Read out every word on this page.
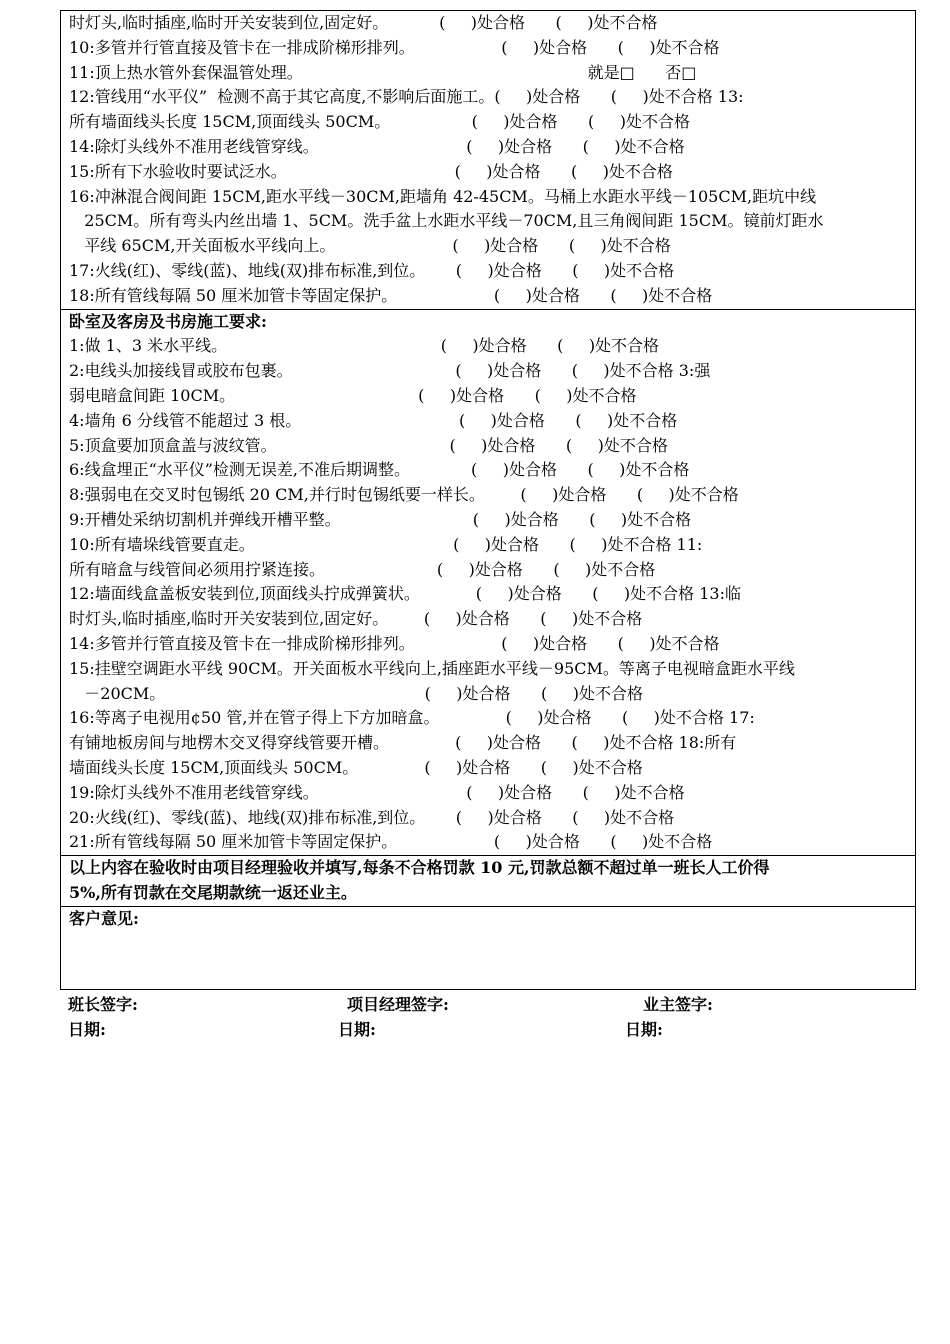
时灯头,临时插座,临时开关安装到位,固定好。          (     )处合格      (     )处不合格
10:多管并行管直接及管卡在一排成阶梯形排列。                 (     )处合格      (     )处不合格
11:顶上热水管外套保温管处理。                                                        就是□      否□
12:管线用“水平仪”  检测不高于其它高度,不影响后面施工。(     )处合格      (     )处不合格 13:
所有墙面线头长度 15CM,顶面线头 50CM。                (     )处合格      (     )处不合格
14:除灯头线外不准用老线管穿线。                             (     )处合格      (     )处不合格
15:所有下水验收时要试泛水。                                 (     )处合格      (     )处不合格
16:冲淋混合阀间距 15CM,距水平线－30CM,距墙角 42-45CM。马桶上水距水平线－105CM,距坑中线
25CM。所有弯头内丝出墙 1、5CM。洗手盆上水距水平线－70CM,且三角阀间距 15CM。镜前灯距水
平线 65CM,开关面板水平线向上。                       (     )处合格      (     )处不合格
17:火线(红)、零线(蓝)、地线(双)排布标准,到位。      (     )处合格      (     )处不合格
18:所有管线每隔 50 厘米加管卡等固定保护。                   (     )处合格      (     )处不合格
卧室及客房及书房施工要求:
1:做 1、3 米水平线。                                          (     )处合格      (     )处不合格
2:电线头加接线冒或胶布包裹。                                (     )处合格      (     )处不合格 3:强
弱电暗盒间距 10CM。                                    (     )处合格      (     )处不合格
4:墙角 6 分线管不能超过 3 根。                               (     )处合格      (     )处不合格
5:顶盒要加顶盒盖与波纹管。                                  (     )处合格      (     )处不合格
6:线盒埋正“水平仪”检测无误差,不准后期调整。            (     )处合格      (     )处不合格
8:强弱电在交叉时包锡纸 20 CM,并行时包锡纸要一样长。       (     )处合格      (     )处不合格
9:开槽处采纳切割机并弹线开槽平整。                          (     )处合格      (     )处不合格
10:所有墙垛线管要直走。                                       (     )处合格      (     )处不合格 11:
所有暗盒与线管间必须用拧紧连接。                      (     )处合格      (     )处不合格
12:墙面线盒盖板安装到位,顶面线头拧成弹簧状。           (     )处合格      (     )处不合格 13:临
时灯头,临时插座,临时开关安装到位,固定好。       (     )处合格      (     )处不合格
14:多管并行管直接及管卡在一排成阶梯形排列。                 (     )处合格      (     )处不合格
15:挂壁空调距水平线 90CM。开关面板水平线向上,插座距水平线－95CM。等离子电视暗盒距水平线
－20CM。                                                   (     )处合格      (     )处不合格
16:等离子电视用¢50 管,并在管子得上下方加暗盒。             (     )处合格      (     )处不合格 17:
有铺地板房间与地楞木交叉得穿线管要开槽。             (     )处合格      (     )处不合格 18:所有
墙面线头长度 15CM,顶面线头 50CM。             (     )处合格      (     )处不合格
19:除灯头线外不准用老线管穿线。                             (     )处合格      (     )处不合格
20:火线(红)、零线(蓝)、地线(双)排布标准,到位。      (     )处合格      (     )处不合格
21:所有管线每隔 50 厘米加管卡等固定保护。                   (     )处合格      (     )处不合格
以上内容在验收时由项目经理验收并填写,每条不合格罚款 10 元,罚款总额不超过单一班长人工价得
5%,所有罚款在交尾期款统一返还业主。
客户意见:
班长签字:	项目经理签字:	业主签字:
日期:	日期:	日期:
